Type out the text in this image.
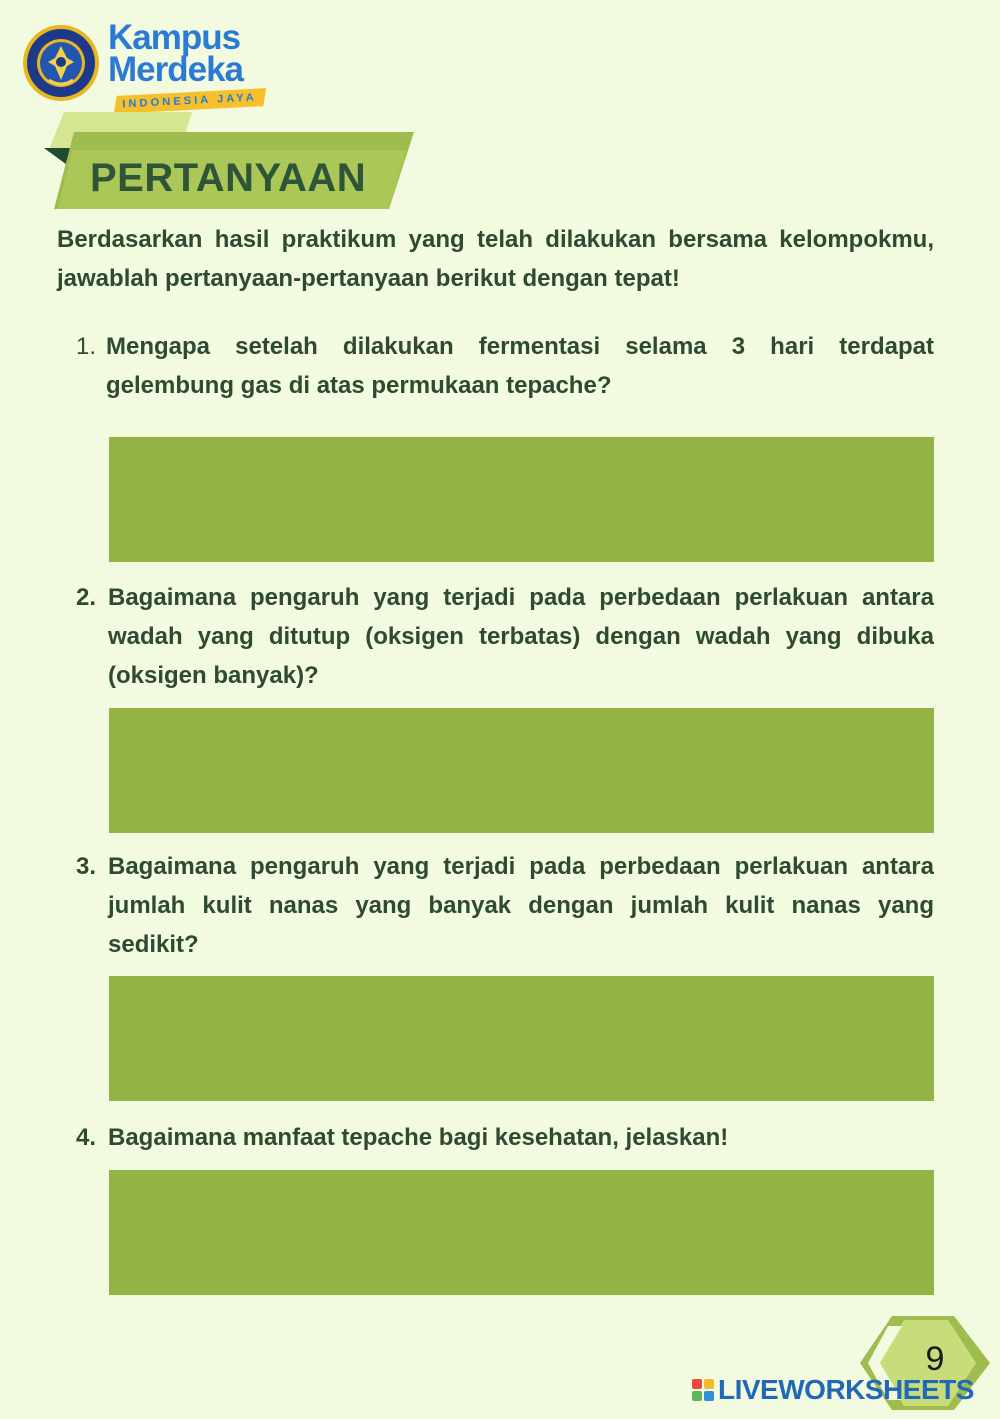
Kampus
Merdeka
INDONESIA JAYA
PERTANYAAN
Berdasarkan hasil praktikum yang telah dilakukan bersama kelompokmu, jawablah pertanyaan-pertanyaan berikut dengan tepat!
1. Mengapa setelah dilakukan fermentasi selama 3 hari terdapat gelembung gas di atas permukaan tepache?
2. Bagaimana pengaruh yang terjadi pada perbedaan perlakuan antara wadah yang ditutup (oksigen terbatas) dengan wadah yang dibuka (oksigen banyak)?
3. Bagaimana pengaruh yang terjadi pada perbedaan perlakuan antara jumlah kulit nanas yang banyak dengan jumlah kulit nanas yang sedikit?
4. Bagaimana manfaat tepache bagi kesehatan, jelaskan!
9
LIVEWORKSHEETS
